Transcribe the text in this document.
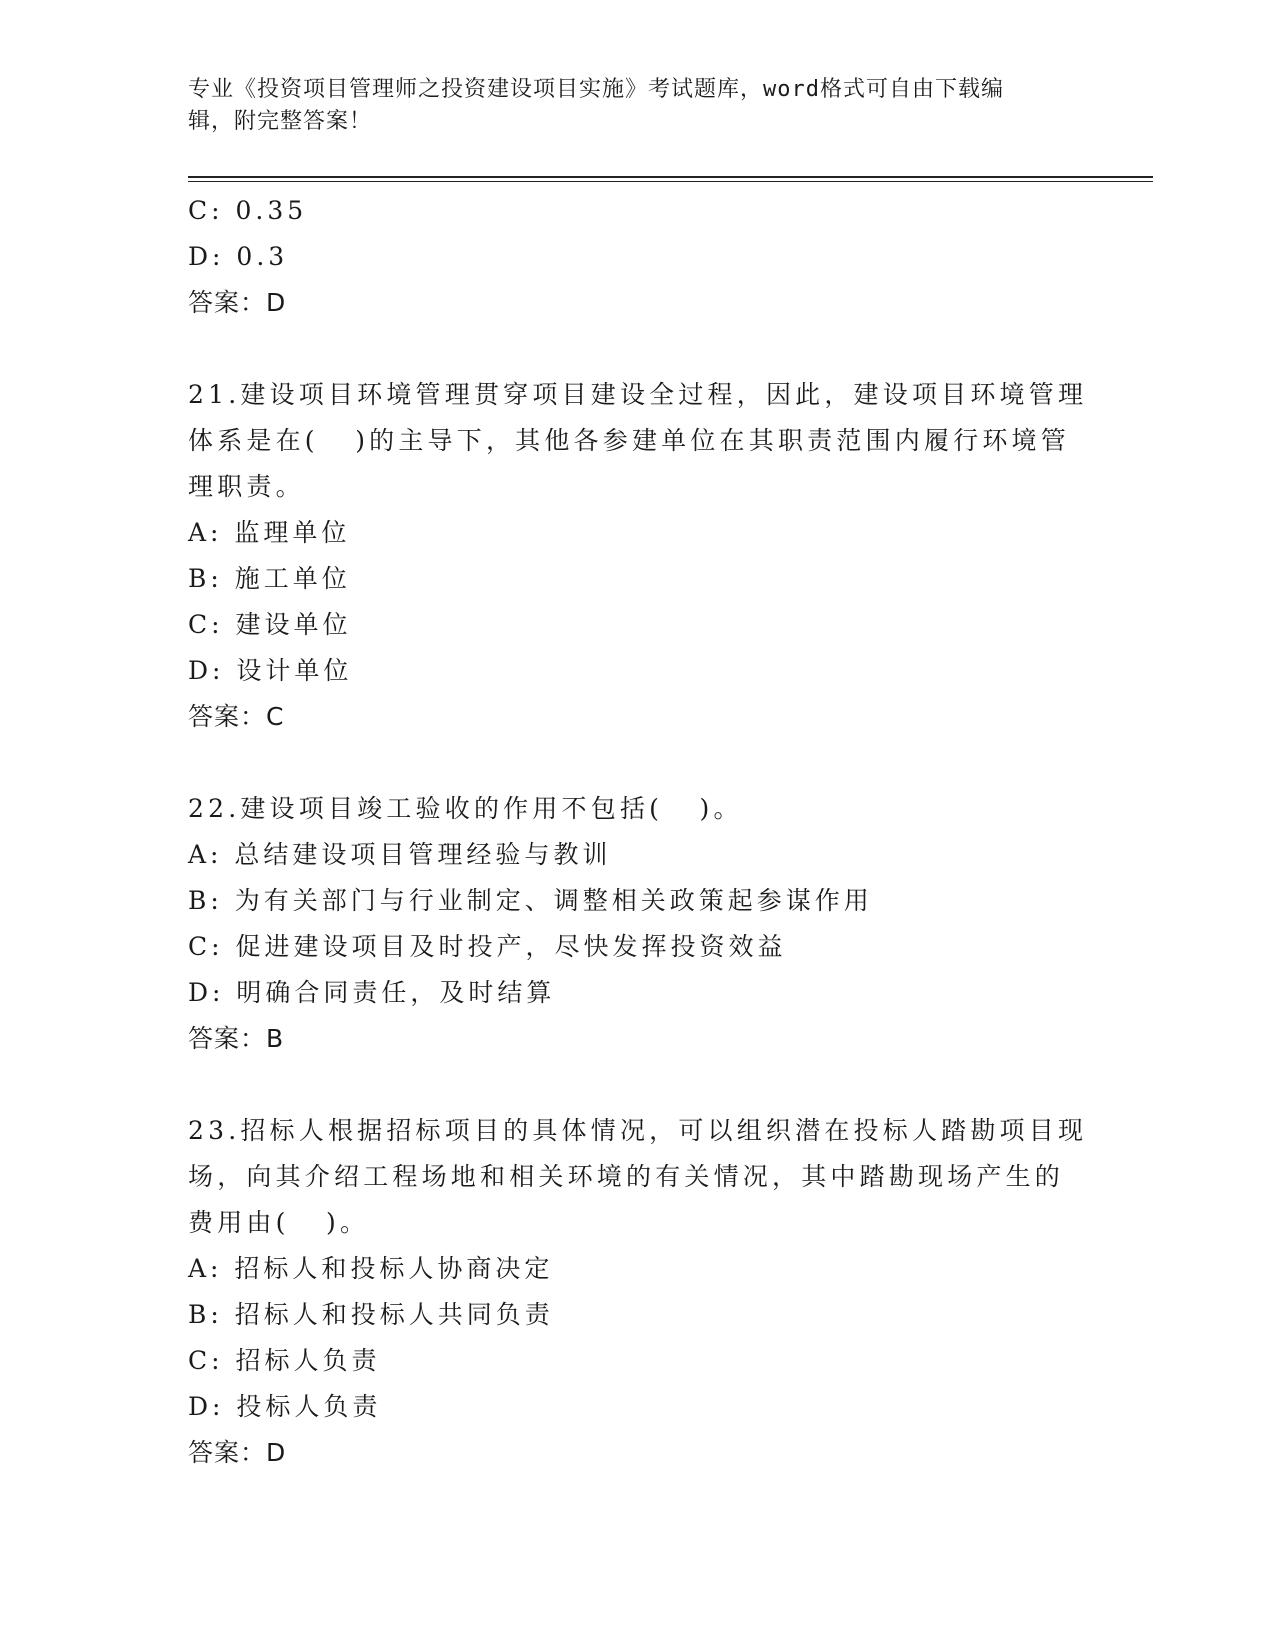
专业《投资项目管理师之投资建设项目实施》考试题库，word格式可自由下载编
辑，附完整答案！
C: 0.35
D: 0.3
答案：D
21.建设项目环境管理贯穿项目建设全过程，因此，建设项目环境管理
体系是在(   )的主导下，其他各参建单位在其职责范围内履行环境管
理职责。
A: 监理单位
B: 施工单位
C: 建设单位
D: 设计单位
答案：C
22.建设项目竣工验收的作用不包括(   )。
A: 总结建设项目管理经验与教训
B: 为有关部门与行业制定、调整相关政策起参谋作用
C: 促进建设项目及时投产，尽快发挥投资效益
D: 明确合同责任，及时结算
答案：B
23.招标人根据招标项目的具体情况，可以组织潜在投标人踏勘项目现
场，向其介绍工程场地和相关环境的有关情况，其中踏勘现场产生的
费用由(   )。
A: 招标人和投标人协商决定
B: 招标人和投标人共同负责
C: 招标人负责
D: 投标人负责
答案：D
